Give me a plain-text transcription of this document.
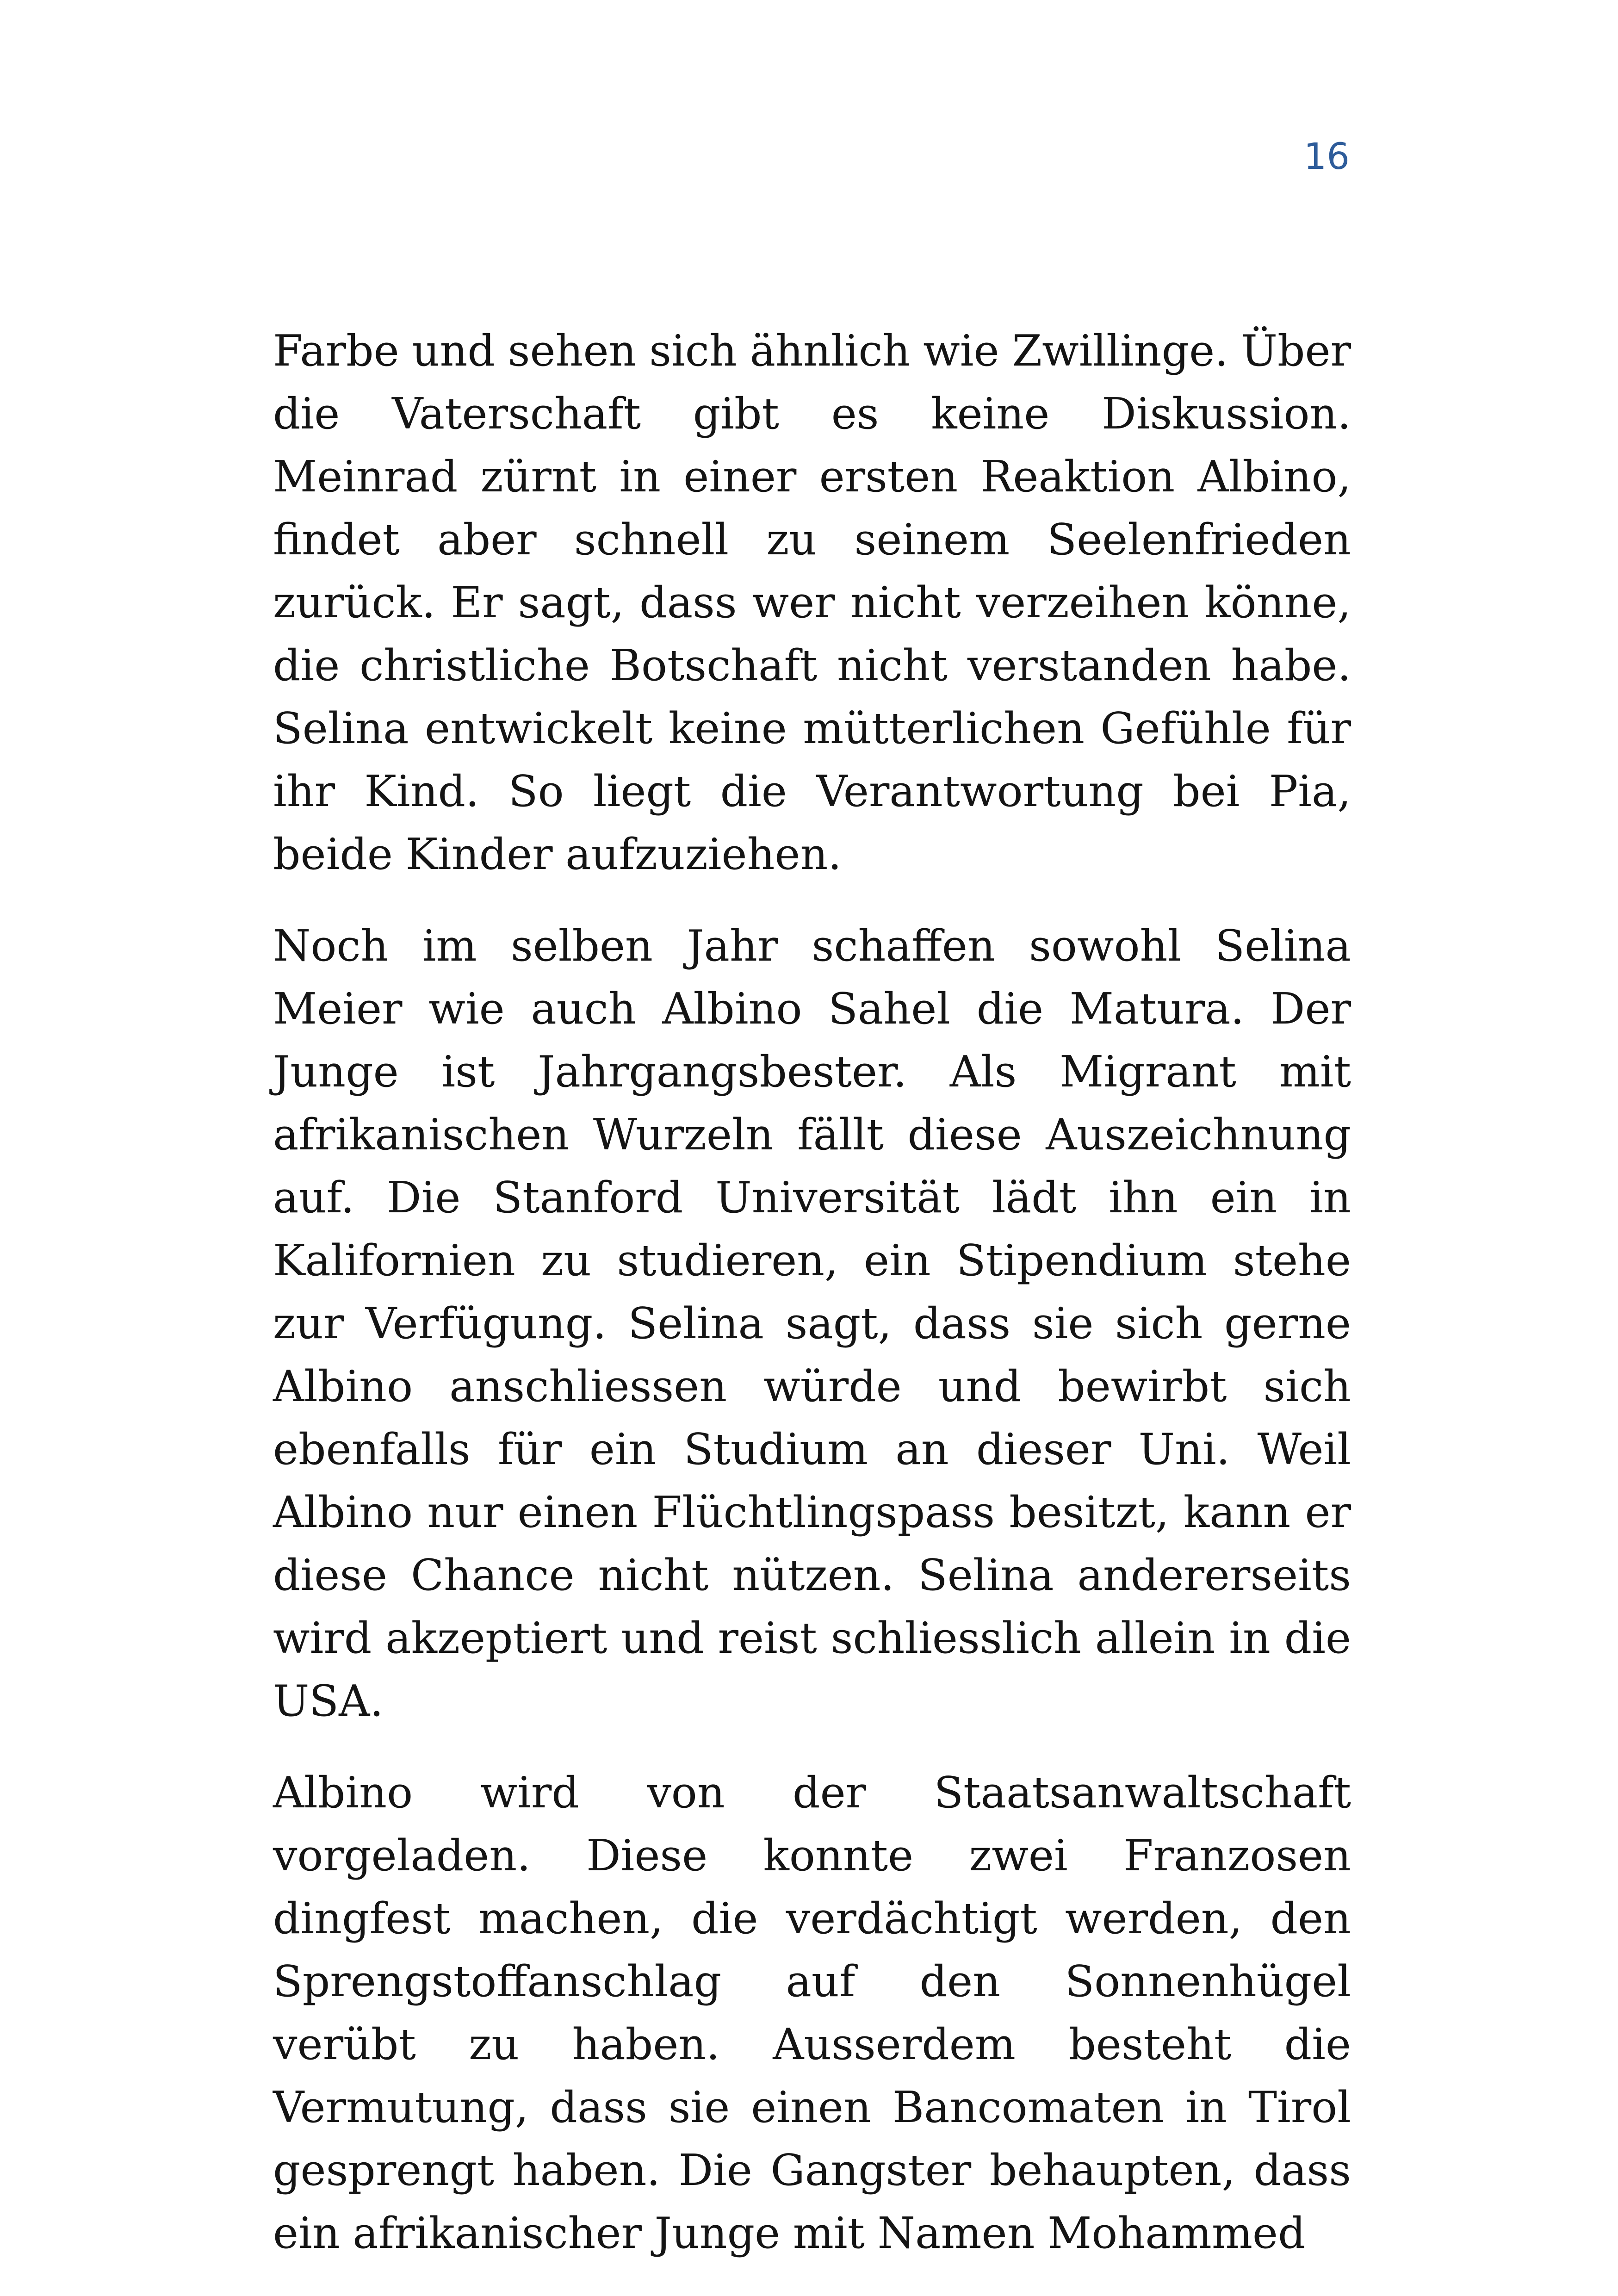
16

Farbe und sehen sich ähnlich wie Zwillinge. Über die Vaterschaft gibt es keine Diskussion. Meinrad zürnt in einer ersten Reaktion Albino, findet aber schnell zu seinem Seelenfrieden zurück. Er sagt, dass wer nicht verzeihen könne, die christliche Botschaft nicht verstanden habe. Selina entwickelt keine mütterlichen Gefühle für ihr Kind. So liegt die Verantwortung bei Pia, beide Kinder aufzuziehen.

Noch im selben Jahr schaffen sowohl Selina Meier wie auch Albino Sahel die Matura. Der Junge ist Jahrgangsbester. Als Migrant mit afrikanischen Wurzeln fällt diese Auszeichnung auf. Die Stanford Universität lädt ihn ein in Kalifornien zu studieren, ein Stipendium stehe zur Verfügung. Selina sagt, dass sie sich gerne Albino anschliessen würde und bewirbt sich ebenfalls für ein Studium an dieser Uni. Weil Albino nur einen Flüchtlingspass besitzt, kann er diese Chance nicht nützen. Selina andererseits wird akzeptiert und reist schliesslich allein in die USA.

Albino wird von der Staatsanwaltschaft vorgeladen. Diese konnte zwei Franzosen dingfest machen, die verdächtigt werden, den Sprengstoffanschlag auf den Sonnenhügel verübt zu haben. Ausserdem besteht die Vermutung, dass sie einen Bancomaten in Tirol gesprengt haben. Die Gangster behaupten, dass ein afrikanischer Junge mit Namen Mohammed
